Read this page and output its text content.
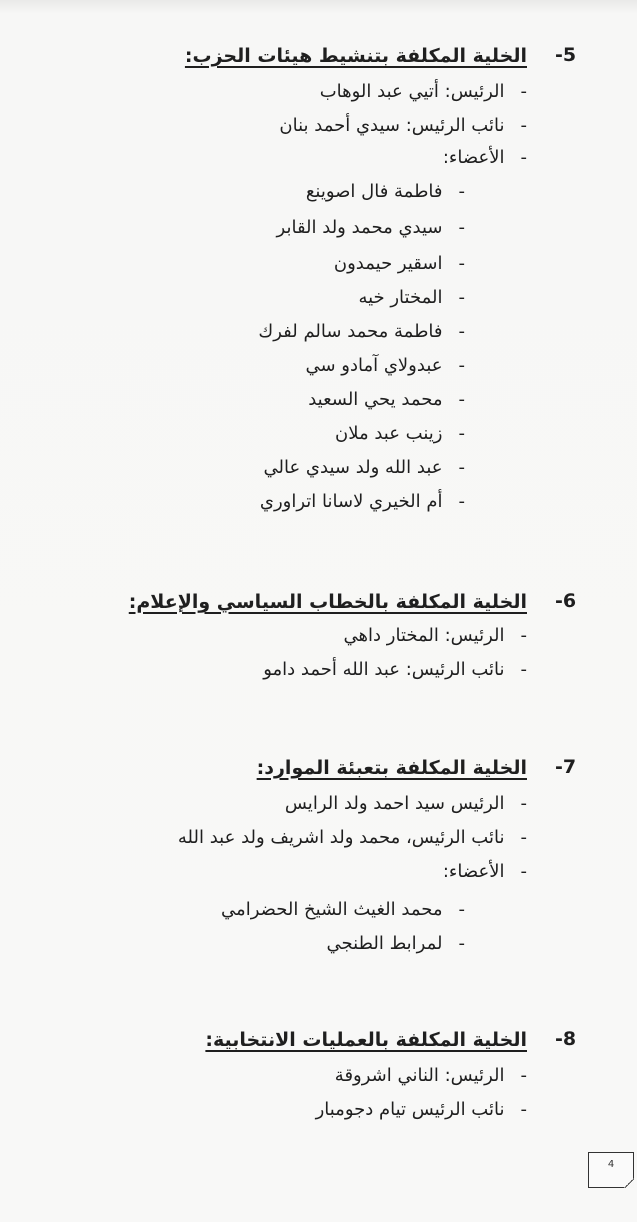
-5
الخلية المكلفة بتنشيط هيئات الحزب:
-الرئيس: أتيي عبد الوهاب
-نائب الرئيس: سيدي أحمد بنان
-الأعضاء:
-فاطمة فال اصوينع
-سيدي محمد ولد القابر
-اسقير حيمدون
-المختار خيه
-فاطمة محمد سالم لفرك
-عبدولاي آمادو سي
-محمد يحي السعيد
-زينب عبد ملان
-عبد الله ولد سيدي عالي
-أم الخيري لاسانا اتراوري
-6
الخلية المكلفة بالخطاب السياسي والإعلام:
-الرئيس: المختار داهي
-نائب الرئيس: عبد الله أحمد دامو
-7
الخلية المكلفة بتعبئة الموارد:
-الرئيس سيد احمد ولد الرايس
-نائب الرئيس، محمد ولد اشريف ولد عبد الله
-الأعضاء:
-محمد الغيث الشيخ الحضرامي
-لمرابط الطنجي
-8
الخلية المكلفة بالعمليات الانتخابية:
-الرئيس: الناني اشروقة
-نائب الرئيس تيام دجومبار
4
